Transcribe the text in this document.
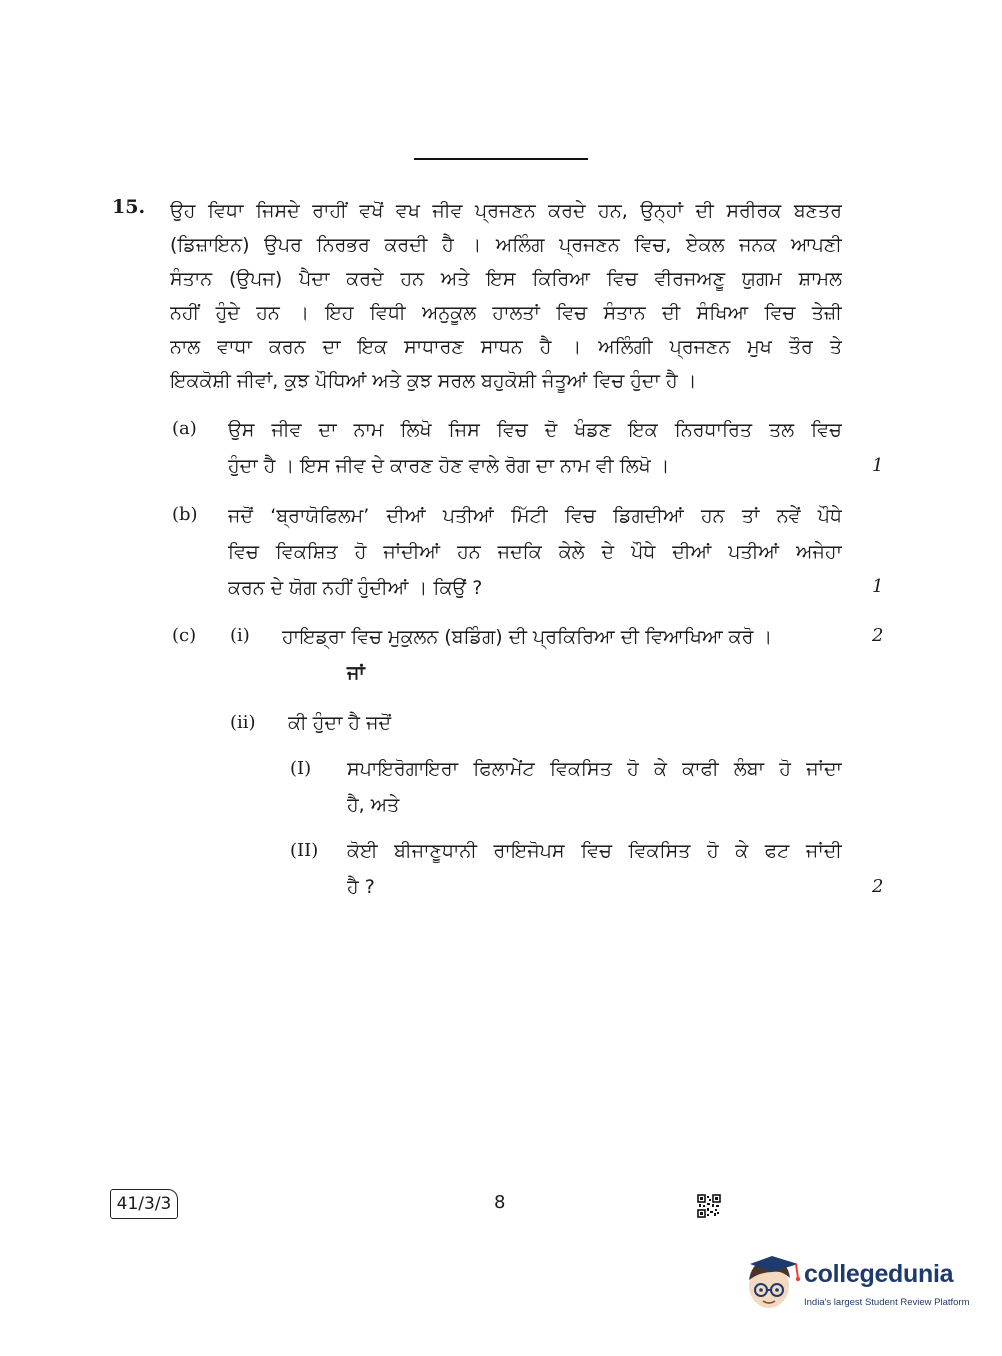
15. ਉਹ ਵਿਧਾ ਜਿਸਦੇ ਰਾਹੀਂ ਵਖੋਂ ਵਖ ਜੀਵ ਪ੍ਰਜਣਨ ਕਰਦੇ ਹਨ, ਉਨ੍ਹਾਂ ਦੀ ਸਰੀਰਕ ਬਣਤਰ
(ਡਿਜ਼ਾਇਨ) ਉਪਰ ਨਿਰਭਰ ਕਰਦੀ ਹੈ । ਅਲਿੰਗ ਪ੍ਰਜਣਨ ਵਿਚ, ਏਕਲ ਜਨਕ ਆਪਣੀ
ਸੰਤਾਨ (ਉਪਜ) ਪੈਦਾ ਕਰਦੇ ਹਨ ਅਤੇ ਇਸ ਕਿਰਿਆ ਵਿਚ ਵੀਰਜਅਣੂ ਯੁਗਮ ਸ਼ਾਮਲ
ਨਹੀਂ ਹੁੰਦੇ ਹਨ । ਇਹ ਵਿਧੀ ਅਨੁਕੂਲ ਹਾਲਤਾਂ ਵਿਚ ਸੰਤਾਨ ਦੀ ਸੰਖਿਆ ਵਿਚ ਤੇਜ਼ੀ
ਨਾਲ ਵਾਧਾ ਕਰਨ ਦਾ ਇਕ ਸਾਧਾਰਣ ਸਾਧਨ ਹੈ । ਅਲਿੰਗੀ ਪ੍ਰਜਣਨ ਮੁਖ ਤੌਰ ਤੇ
ਇਕਕੋਸ਼ੀ ਜੀਵਾਂ, ਕੁਝ ਪੌਧਿਆਂ ਅਤੇ ਕੁਝ ਸਰਲ ਬਹੁਕੋਸ਼ੀ ਜੰਤੂਆਂ ਵਿਚ ਹੁੰਦਾ ਹੈ ।
(a) ਉਸ ਜੀਵ ਦਾ ਨਾਮ ਲਿਖੋ ਜਿਸ ਵਿਚ ਦੋ ਖੰਡਣ ਇਕ ਨਿਰਧਾਰਿਤ ਤਲ ਵਿਚ
ਹੁੰਦਾ ਹੈ । ਇਸ ਜੀਵ ਦੇ ਕਾਰਣ ਹੋਣ ਵਾਲੇ ਰੋਗ ਦਾ ਨਾਮ ਵੀ ਲਿਖੋ ।	1
(b) ਜਦੋਂ ‘ਬ੍ਰਾਯੋਫਿਲਮ’ ਦੀਆਂ ਪਤੀਆਂ ਮਿੱਟੀ ਵਿਚ ਡਿਗਦੀਆਂ ਹਨ ਤਾਂ ਨਵੇਂ ਪੌਧੇ
ਵਿਚ ਵਿਕਸ਼ਿਤ ਹੋ ਜਾਂਦੀਆਂ ਹਨ ਜਦਕਿ ਕੇਲੇ ਦੇ ਪੌਧੇ ਦੀਆਂ ਪਤੀਆਂ ਅਜੇਹਾ
ਕਰਨ ਦੇ ਯੋਗ ਨਹੀਂ ਹੁੰਦੀਆਂ । ਕਿਉਂ ?	1
(c) (i) ਹਾਇਡ੍ਰਾ ਵਿਚ ਮੁਕੁਲਨ (ਬਡਿੰਗ) ਦੀ ਪ੍ਰਕਿਰਿਆ ਦੀ ਵਿਆਖਿਆ ਕਰੋ ।	2
ਜਾਂ
(ii) ਕੀ ਹੁੰਦਾ ਹੈ ਜਦੋਂ
(I) ਸਪਾਇਰੋਗਾਇਰਾ ਫਿਲਾਮੇਂਟ ਵਿਕਸਿਤ ਹੋ ਕੇ ਕਾਫੀ ਲੰਬਾ ਹੋ ਜਾਂਦਾ
ਹੈ, ਅਤੇ
(II) ਕੋਈ ਬੀਜਾਣੂਧਾਨੀ ਰਾਇਜੋਪਸ ਵਿਚ ਵਿਕਸਿਤ ਹੋ ਕੇ ਫਟ ਜਾਂਦੀ
ਹੈ ?	2
41/3/3	8
collegedunia
India's largest Student Review Platform
